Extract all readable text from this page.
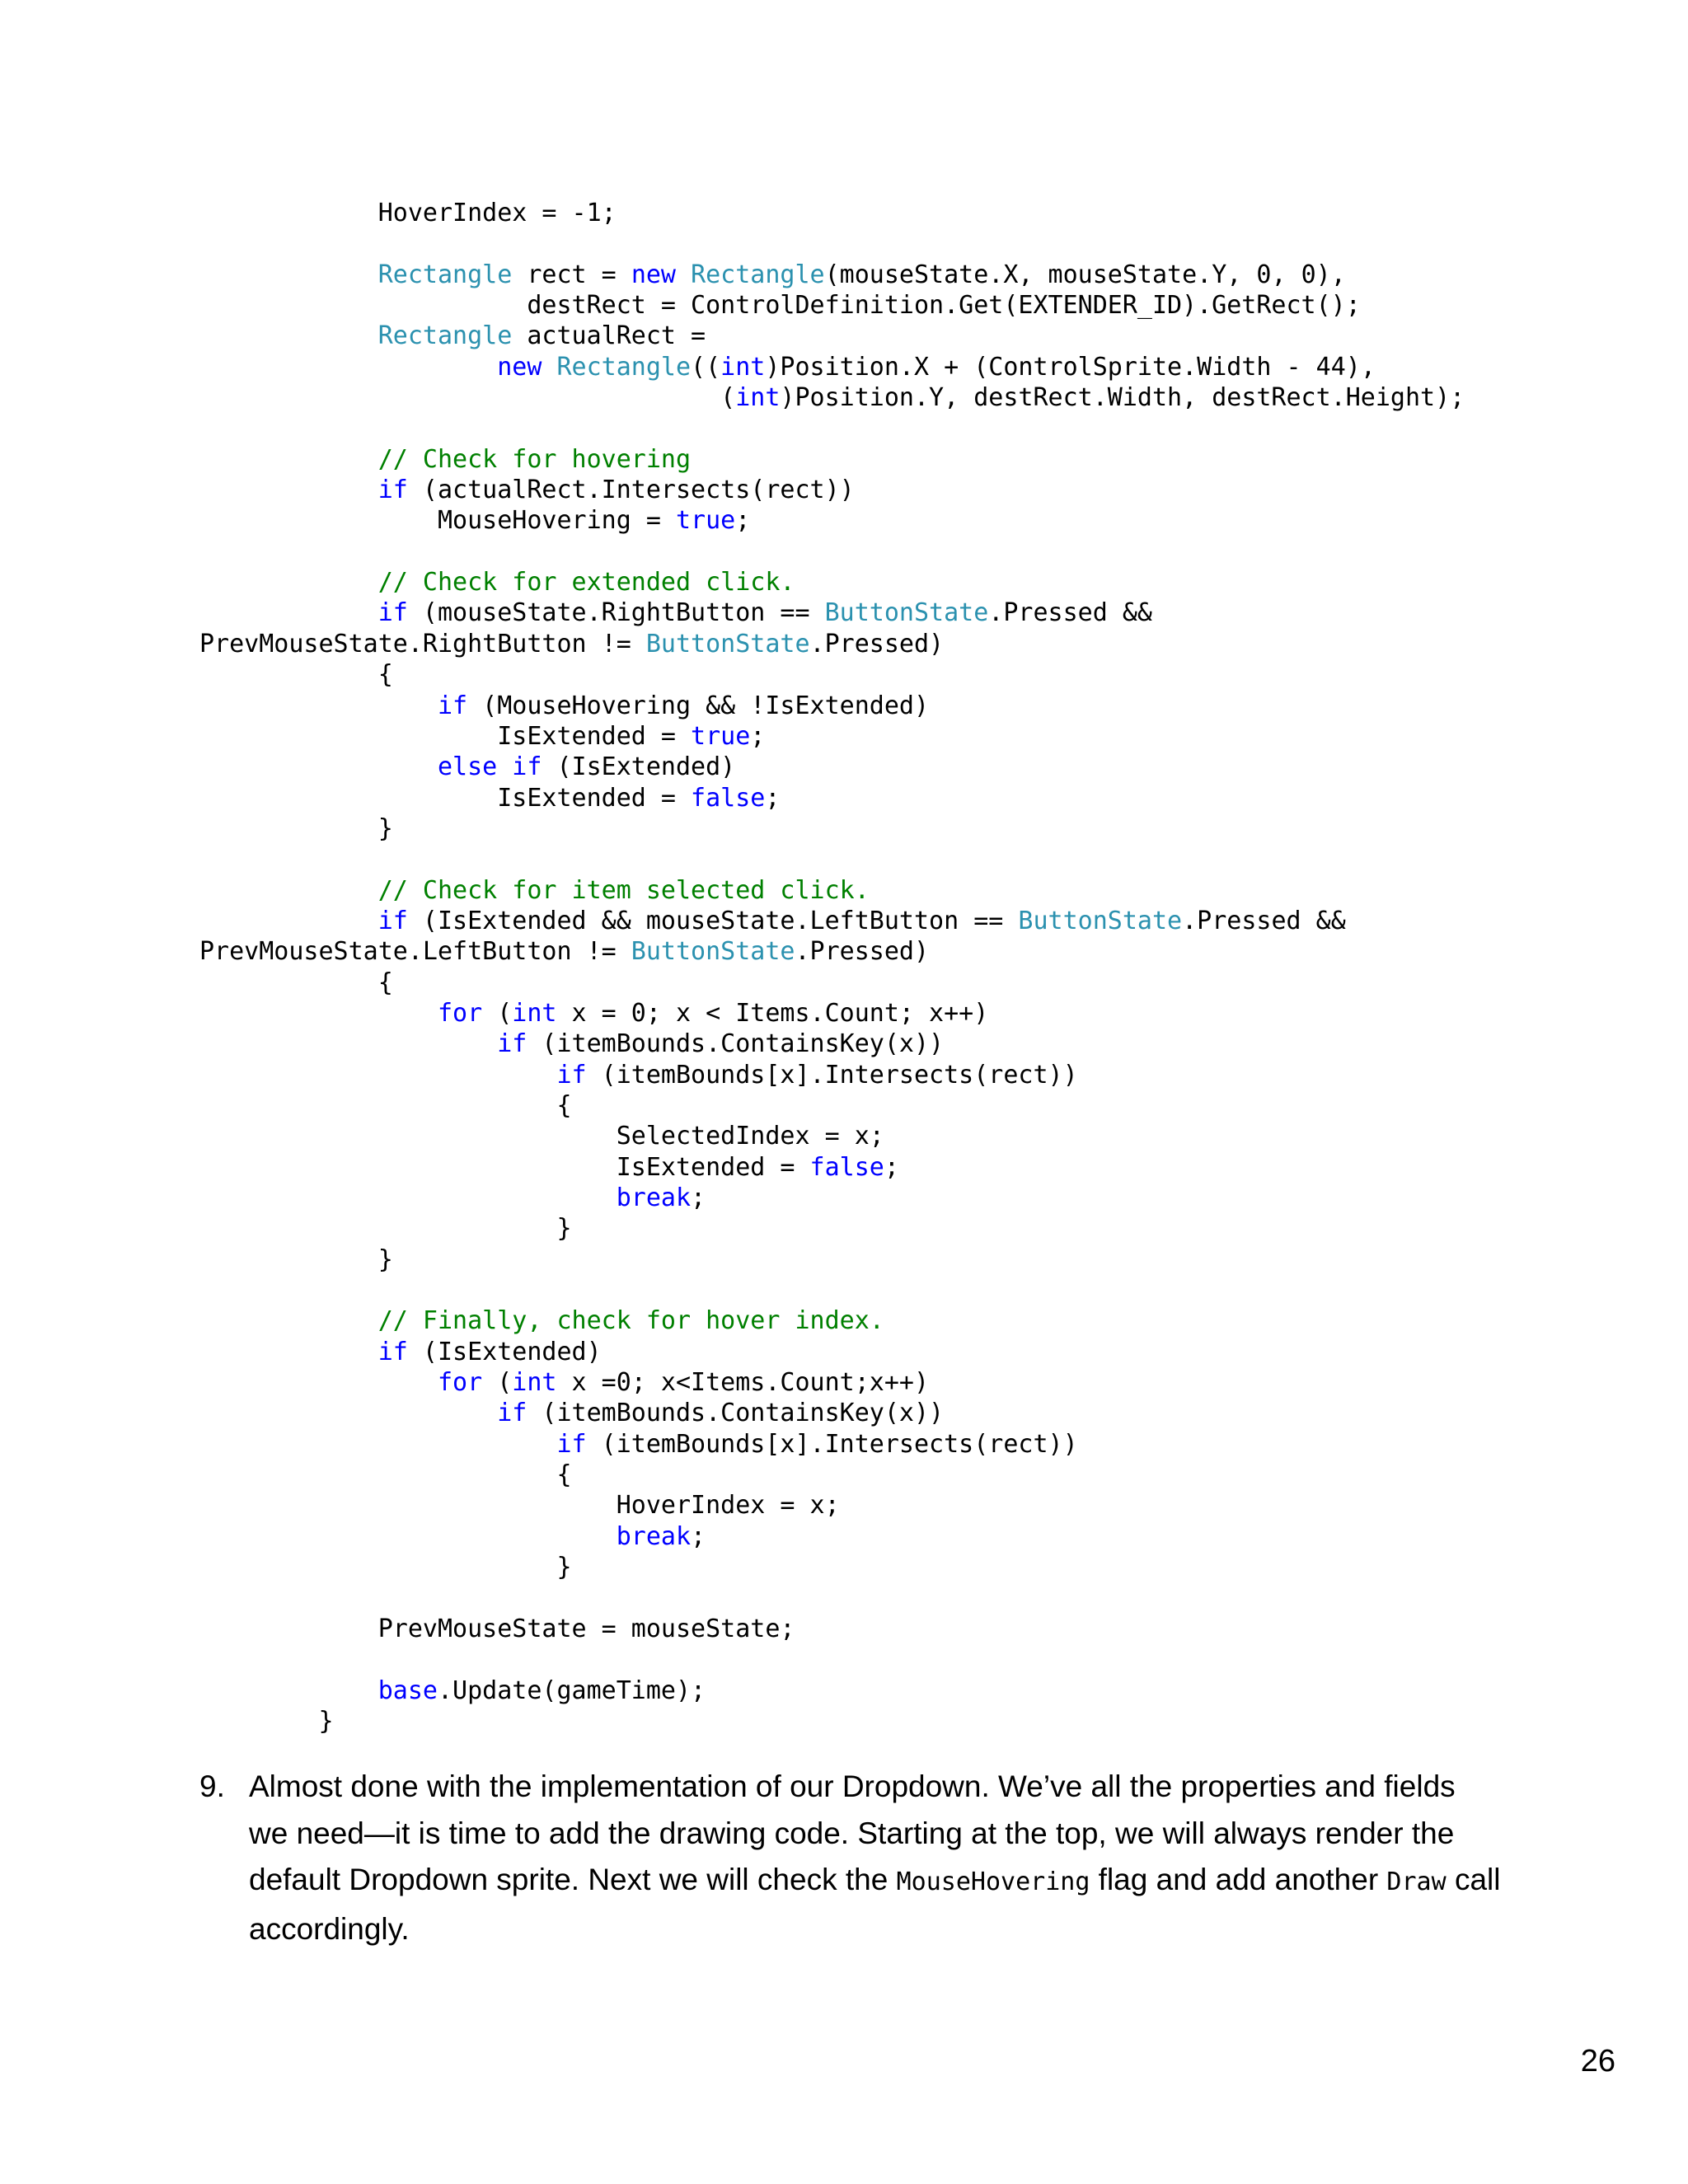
HoverIndex = -1;
Rectangle rect = new Rectangle(mouseState.X, mouseState.Y, 0, 0),
destRect = ControlDefinition.Get(EXTENDER_ID).GetRect();
Rectangle actualRect =
new Rectangle((int)Position.X + (ControlSprite.Width - 44),
(int)Position.Y, destRect.Width, destRect.Height);
// Check for hovering
if (actualRect.Intersects(rect))
MouseHovering = true;
// Check for extended click.
if (mouseState.RightButton == ButtonState.Pressed &&
PrevMouseState.RightButton != ButtonState.Pressed)
{
if (MouseHovering && !IsExtended)
IsExtended = true;
else if (IsExtended)
IsExtended = false;
}
// Check for item selected click.
if (IsExtended && mouseState.LeftButton == ButtonState.Pressed &&
PrevMouseState.LeftButton != ButtonState.Pressed)
{
for (int x = 0; x < Items.Count; x++)
if (itemBounds.ContainsKey(x))
if (itemBounds[x].Intersects(rect))
{
SelectedIndex = x;
IsExtended = false;
break;
}
}
// Finally, check for hover index.
if (IsExtended)
for (int x =0; x<Items.Count;x++)
if (itemBounds.ContainsKey(x))
if (itemBounds[x].Intersects(rect))
{
HoverIndex = x;
break;
}
PrevMouseState = mouseState;
base.Update(gameTime);
}
9. Almost done with the implementation of our Dropdown. We’ve all the properties and fields we need—it is time to add the drawing code. Starting at the top, we will always render the default Dropdown sprite. Next we will check the MouseHovering flag and add another Draw call accordingly.
26
